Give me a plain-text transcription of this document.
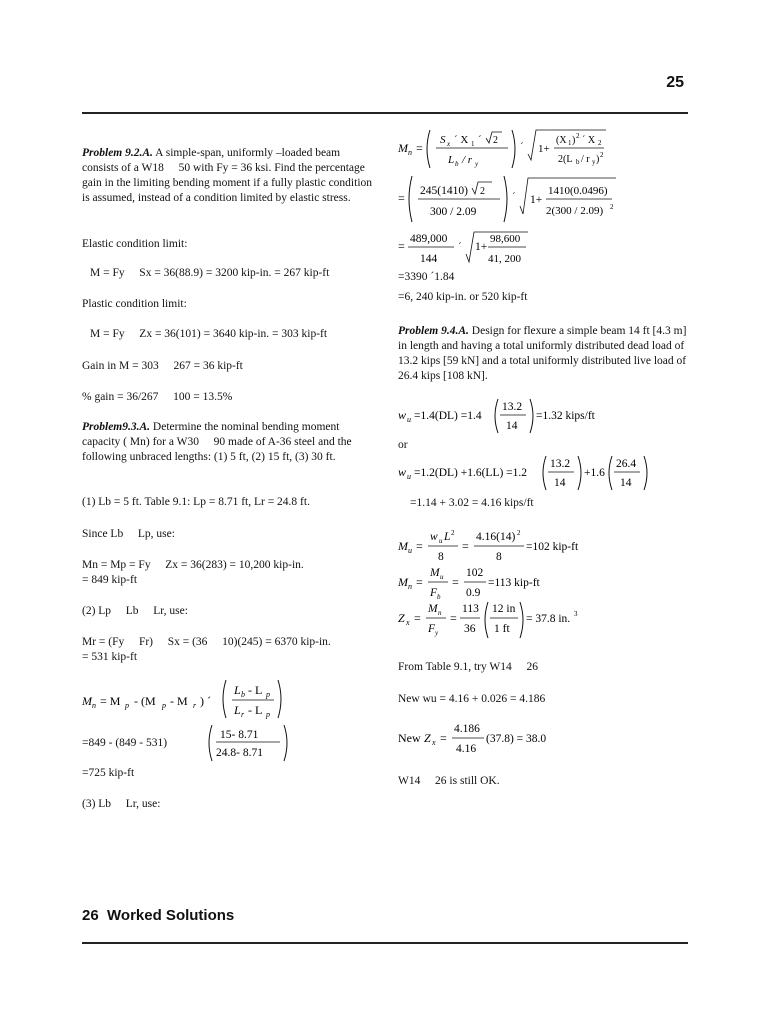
25
Problem 9.2.A. A simple-span, uniformly –loaded beam consists of a W18   50 with Fy = 36 ksi. Find the percentage gain in the limiting bending moment if a fully plastic condition is assumed, instead of a condition limited by elastic stress.
Elastic condition limit:
M = Fy   Sx = 36(88.9) = 3200 kip-in. = 267 kip-ft
Plastic condition limit:
M = Fy   Zx = 36(101) = 3640 kip-in. = 303 kip-ft
Gain in M = 303   267 = 36 kip-ft
% gain = 36/267   100 = 13.5%
Problem9.3.A. Determine the nominal bending moment capacity ( Mn) for a W30   90 made of A-36 steel and the following unbraced lengths: (1) 5 ft, (2) 15 ft, (3) 30 ft.
(1) Lb = 5 ft. Table 9.1: Lp = 8.71 ft, Lr = 24.8 ft.
Since Lb   Lp, use:
Mn = Mp = Fy   Zx = 36(283) = 10,200 kip-in.
= 849 kip-ft
(2) Lp   Lb   Lr, use:
Mr = (Fy   Fr)   Sx = (36   10)(245) = 6370 kip-in.
= 531 kip-ft
M n = M p - (M p - M r ) ´
L b - L p
L r - L p
=849 - (849 - 531)
15- 8.71
24.8- 8.71
=725 kip-ft
(3) Lb   Lr, use:
M n =
S x ´ X 1 ´ 2
L b / r y
´ 1+
(X 1 ) 2 ´ X 2
2(L b / r y ) 2
= 245(1410) 2
300 / 2.09
´ 1+
1410(0.0496)
2(300 / 2.09) 2
= 489,000
144
´ 1+
98,600
41, 200
=3390 ´1.84
=6, 240 kip-in. or 520 kip-ft
Problem 9.4.A. Design for flexure a simple beam 14 ft [4.3 m] in length and having a total uniformly distributed dead load of 13.2 kips [59 kN] and a total uniformly distributed live load of 26.4 kips [108 kN].
w u =1.4(DL) =1.4
13.2
14
=1.32 kips/ft
or
w u =1.2(DL) +1.6(LL) =1.2
13.2
14
+1.6
26.4
14
=1.14 + 3.02 = 4.16 kips/ft
M u =
w u L 2
8
=
4.16(14) 2
8
=102 kip-ft
M n =
M u
F b
=
102
0.9
=113 kip-ft
Z x =
M n
F y
=
113
36
12 in
1 ft
= 37.8 in. 3
From Table 9.1, try W14   26
New wu = 4.16 + 0.026 = 4.186
New Z x =
4.186
4.16
(37.8) = 38.0
W14   26 is still OK.
26 Worked Solutions
